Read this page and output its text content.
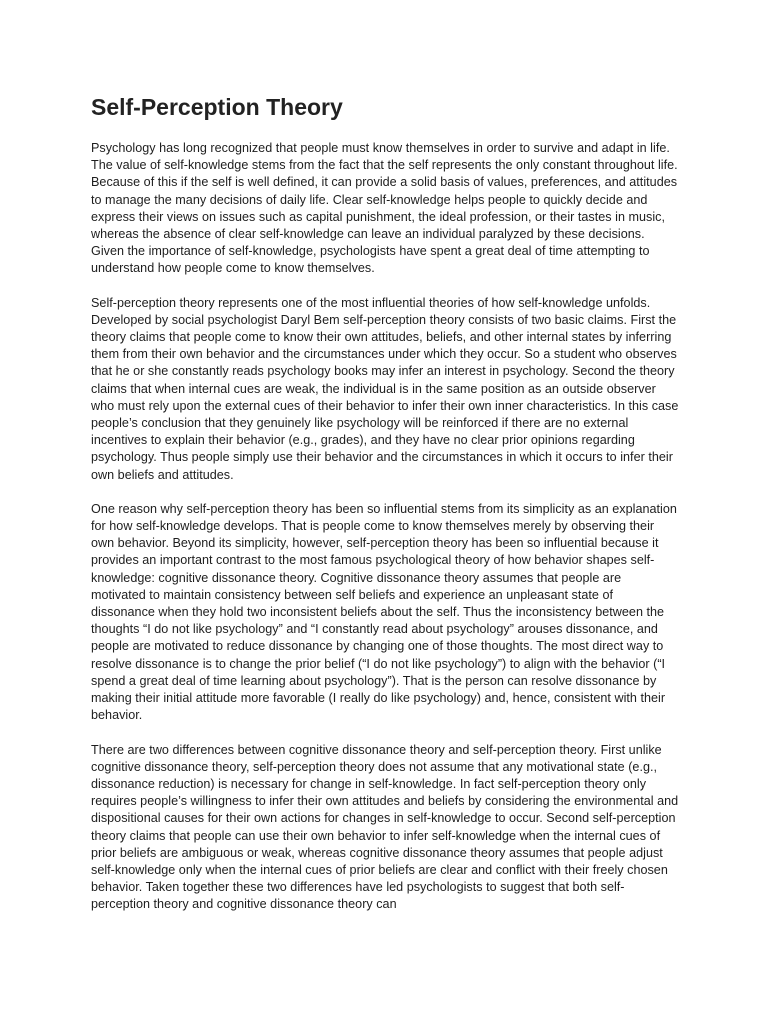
Self-Perception Theory

Psychology has long recognized that people must know themselves in order to survive and adapt in life. The value of self-knowledge stems from the fact that the self represents the only constant throughout life. Because of this if the self is well defined, it can provide a solid basis of values, preferences, and attitudes to manage the many decisions of daily life. Clear self-knowledge helps people to quickly decide and express their views on issues such as capital punishment, the ideal profession, or their tastes in music, whereas the absence of clear self-knowledge can leave an individual paralyzed by these decisions. Given the importance of self-knowledge, psychologists have spent a great deal of time attempting to understand how people come to know themselves.

Self-perception theory represents one of the most influential theories of how self-knowledge unfolds. Developed by social psychologist Daryl Bem self-perception theory consists of two basic claims. First the theory claims that people come to know their own attitudes, beliefs, and other internal states by inferring them from their own behavior and the circumstances under which they occur. So a student who observes that he or she constantly reads psychology books may infer an interest in psychology. Second the theory claims that when internal cues are weak, the individual is in the same position as an outside observer who must rely upon the external cues of their behavior to infer their own inner characteristics. In this case people’s conclusion that they genuinely like psychology will be reinforced if there are no external incentives to explain their behavior (e.g., grades), and they have no clear prior opinions regarding psychology. Thus people simply use their behavior and the circumstances in which it occurs to infer their own beliefs and attitudes.

One reason why self-perception theory has been so influential stems from its simplicity as an explanation for how self-knowledge develops. That is people come to know themselves merely by observing their own behavior. Beyond its simplicity, however, self-perception theory has been so influential because it provides an important contrast to the most famous psychological theory of how behavior shapes self-knowledge: cognitive dissonance theory. Cognitive dissonance theory assumes that people are motivated to maintain consistency between self beliefs and experience an unpleasant state of dissonance when they hold two inconsistent beliefs about the self. Thus the inconsistency between the thoughts “I do not like psychology” and “I constantly read about psychology” arouses dissonance, and people are motivated to reduce dissonance by changing one of those thoughts. The most direct way to resolve dissonance is to change the prior belief (“I do not like psychology”) to align with the behavior (“I spend a great deal of time learning about psychology”). That is the person can resolve dissonance by making their initial attitude more favorable (I really do like psychology) and, hence, consistent with their behavior.

There are two differences between cognitive dissonance theory and self-perception theory. First unlike cognitive dissonance theory, self-perception theory does not assume that any motivational state (e.g., dissonance reduction) is necessary for change in self-knowledge. In fact self-perception theory only requires people’s willingness to infer their own attitudes and beliefs by considering the environmental and dispositional causes for their own actions for changes in self-knowledge to occur. Second self-perception theory claims that people can use their own behavior to infer self-knowledge when the internal cues of prior beliefs are ambiguous or weak, whereas cognitive dissonance theory assumes that people adjust self-knowledge only when the internal cues of prior beliefs are clear and conflict with their freely chosen behavior. Taken together these two differences have led psychologists to suggest that both self-perception theory and cognitive dissonance theory can
